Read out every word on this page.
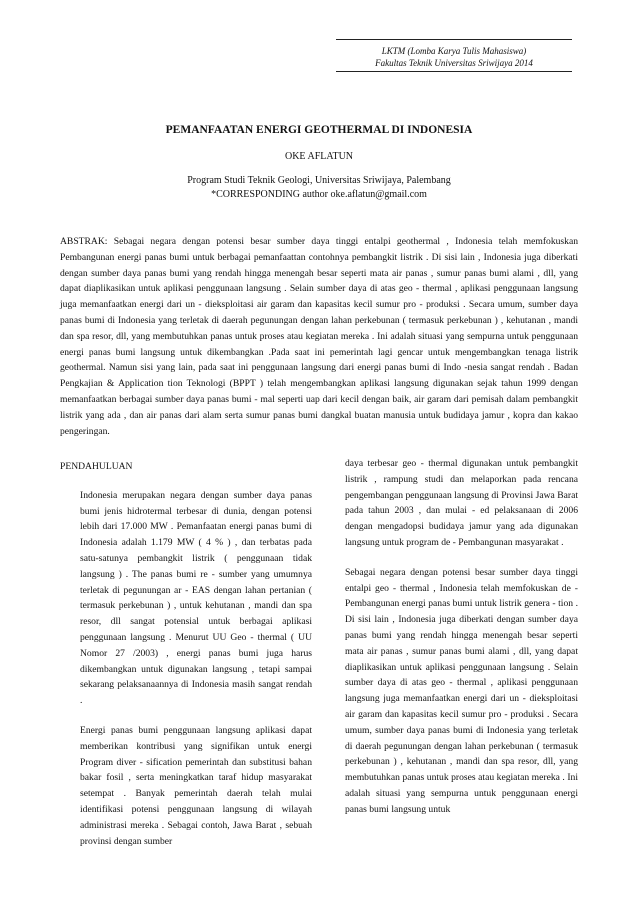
LKTM (Lomba Karya Tulis Mahasiswa)
Fakultas Teknik Universitas Sriwijaya 2014
PEMANFAATAN ENERGI GEOTHERMAL DI INDONESIA
OKE AFLATUN
Program Studi Teknik Geologi, Universitas Sriwijaya, Palembang
*CORRESPONDING author oke.aflatun@gmail.com

ABSTRAK: Sebagai negara dengan potensi besar sumber daya tinggi entalpi geothermal , Indonesia telah memfokuskan Pembangunan energi panas bumi untuk berbagai pemanfaattan contohnya pembangkit listrik . Di sisi lain , Indonesia juga diberkati dengan sumber daya panas bumi yang rendah hingga menengah besar seperti mata air panas , sumur panas bumi alami , dll, yang dapat diaplikasikan untuk aplikasi penggunaan langsung . Selain sumber daya di atas geo - thermal , aplikasi penggunaan langsung juga memanfaatkan energi dari un - dieksploitasi air garam dan kapasitas kecil sumur pro - produksi . Secara umum, sumber daya panas bumi di Indonesia yang terletak di daerah pegunungan dengan lahan perkebunan ( termasuk perkebunan ) , kehutanan , mandi dan spa resor, dll, yang membutuhkan panas untuk proses atau kegiatan mereka . Ini adalah situasi yang sempurna untuk penggunaan energi panas bumi langsung untuk dikembangkan .Pada saat ini pemerintah lagi gencar untuk mengembangkan tenaga listrik geothermal. Namun sisi yang lain, pada saat ini penggunaan langsung dari energi panas bumi di Indo -nesia sangat rendah . Badan Pengkajian & Application tion Teknologi (BPPT ) telah mengembangkan aplikasi langsung digunakan sejak tahun 1999 dengan memanfaatkan berbagai sumber daya panas bumi - mal seperti uap dari kecil dengan baik, air garam dari pemisah dalam pembangkit listrik yang ada , dan air panas dari alam serta sumur panas bumi dangkal buatan manusia untuk budidaya jamur , kopra dan kakao pengeringan.

PENDAHULUAN

Indonesia merupakan negara dengan sumber daya panas bumi jenis hidrotermal terbesar di dunia, dengan potensi lebih dari 17.000 MW . Pemanfaatan energi panas bumi di Indonesia adalah 1.179 MW ( 4 % ) , dan terbatas pada satu-satunya pembangkit listrik ( penggunaan tidak langsung ) . The panas bumi re - sumber yang umumnya terletak di pegunungan ar - EAS dengan lahan pertanian ( termasuk perkebunan ) , untuk kehutanan , mandi dan spa resor, dll sangat potensial untuk berbagai aplikasi penggunaan langsung . Menurut UU Geo - thermal ( UU Nomor 27 /2003) , energi panas bumi juga harus dikembangkan untuk digunakan langsung , tetapi sampai sekarang pelaksanaannya di Indonesia masih sangat rendah .

Energi panas bumi penggunaan langsung aplikasi dapat memberikan kontribusi yang signifikan untuk energi Program diver - sification pemerintah dan substitusi bahan bakar fosil , serta meningkatkan taraf hidup masyarakat setempat . Banyak pemerintah daerah telah mulai identifikasi potensi penggunaan langsung di wilayah administrasi mereka . Sebagai contoh, Jawa Barat , sebuah provinsi dengan sumber

daya terbesar geo - thermal digunakan untuk pembangkit listrik , rampung studi dan melaporkan pada rencana pengembangan penggunaan langsung di Provinsi Jawa Barat pada tahun 2003 , dan mulai - ed pelaksanaan di 2006 dengan mengadopsi budidaya jamur yang ada digunakan langsung untuk program de - Pembangunan masyarakat .

Sebagai negara dengan potensi besar sumber daya tinggi entalpi geo - thermal , Indonesia telah memfokuskan de - Pembangunan energi panas bumi untuk listrik genera - tion . Di sisi lain , Indonesia juga diberkati dengan sumber daya panas bumi yang rendah hingga menengah besar seperti mata air panas , sumur panas bumi alami , dll, yang dapat diaplikasikan untuk aplikasi penggunaan langsung . Selain sumber daya di atas geo - thermal , aplikasi penggunaan langsung juga memanfaatkan energi dari un - dieksploitasi air garam dan kapasitas kecil sumur pro - produksi . Secara umum, sumber daya panas bumi di Indonesia yang terletak di daerah pegunungan dengan lahan perkebunan ( termasuk perkebunan ) , kehutanan , mandi dan spa resor, dll, yang membutuhkan panas untuk proses atau kegiatan mereka . Ini adalah situasi yang sempurna untuk penggunaan energi panas bumi langsung untuk
